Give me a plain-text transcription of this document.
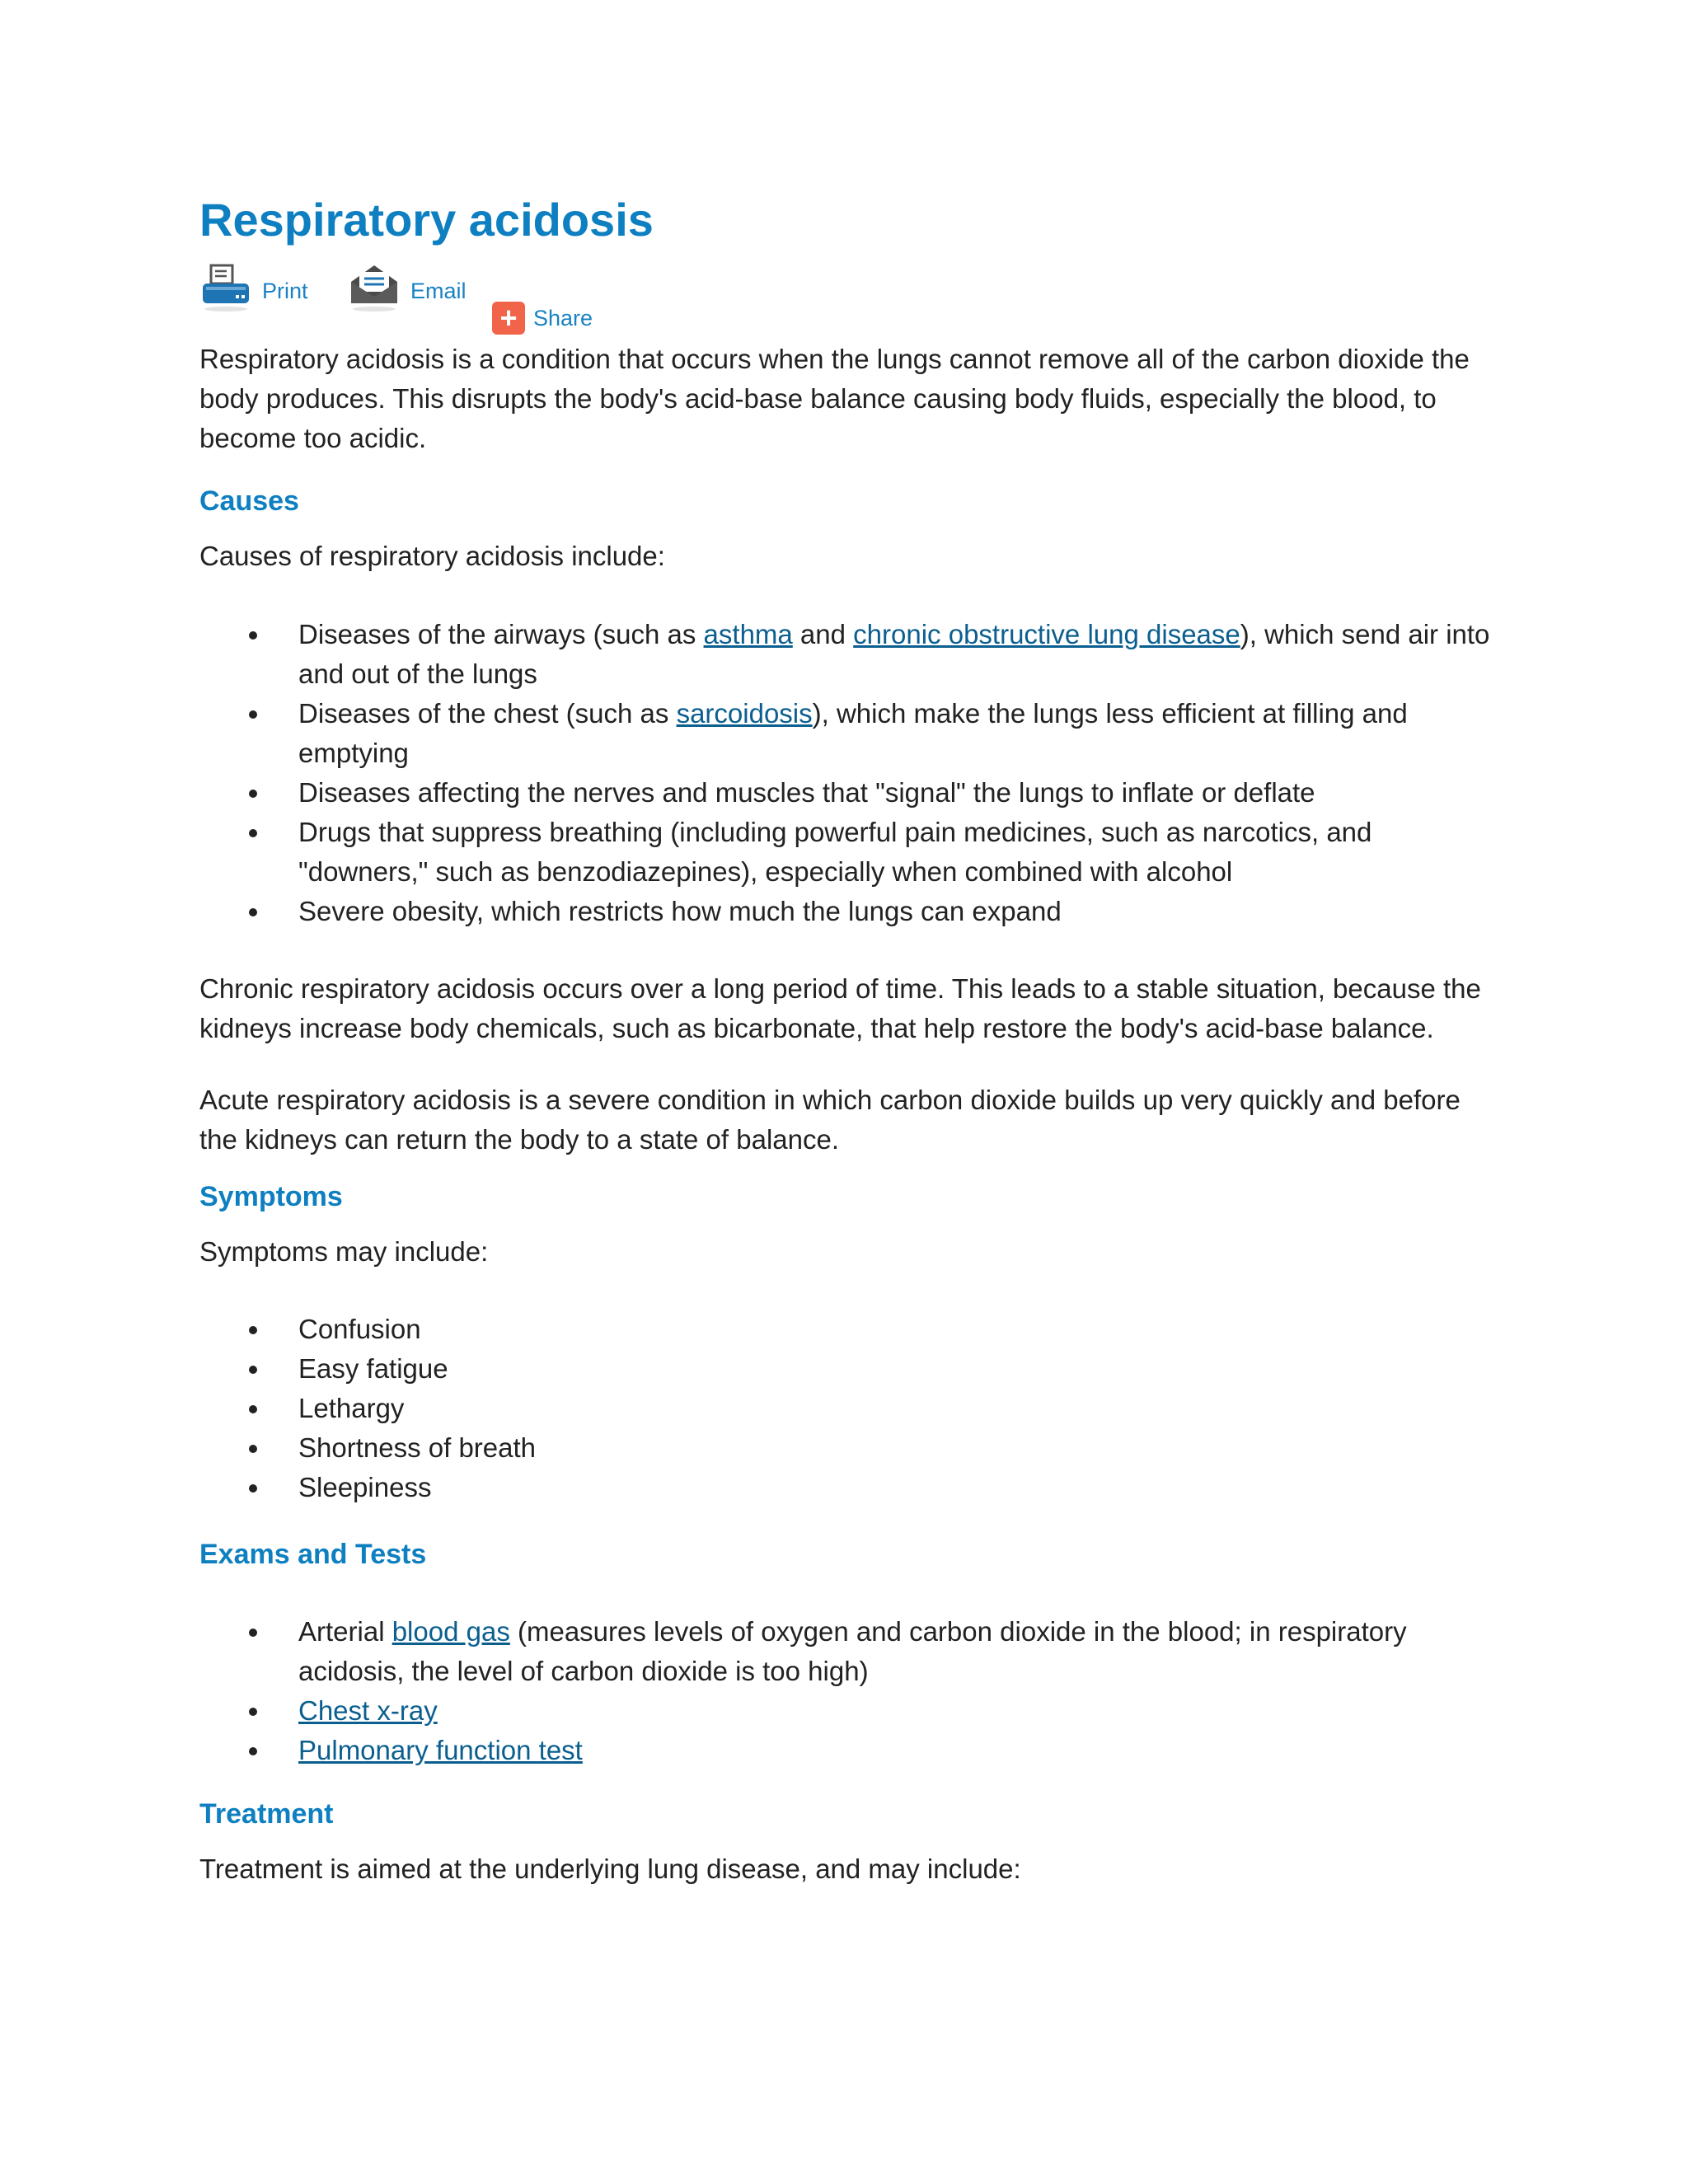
Respiratory acidosis
Print	Email
+ Share

Respiratory acidosis is a condition that occurs when the lungs cannot remove all of the carbon dioxide the body produces. This disrupts the body's acid-base balance causing body fluids, especially the blood, to become too acidic.

Causes

Causes of respiratory acidosis include:

Diseases of the airways (such as asthma and chronic obstructive lung disease), which send air into and out of the lungs
Diseases of the chest (such as sarcoidosis), which make the lungs less efficient at filling and emptying
Diseases affecting the nerves and muscles that "signal" the lungs to inflate or deflate
Drugs that suppress breathing (including powerful pain medicines, such as narcotics, and "downers," such as benzodiazepines), especially when combined with alcohol
Severe obesity, which restricts how much the lungs can expand

Chronic respiratory acidosis occurs over a long period of time. This leads to a stable situation, because the kidneys increase body chemicals, such as bicarbonate, that help restore the body's acid-base balance.

Acute respiratory acidosis is a severe condition in which carbon dioxide builds up very quickly and before the kidneys can return the body to a state of balance.

Symptoms

Symptoms may include:

Confusion
Easy fatigue
Lethargy
Shortness of breath
Sleepiness
Exams and Tests
Arterial blood gas (measures levels of oxygen and carbon dioxide in the blood; in respiratory acidosis, the level of carbon dioxide is too high)
Chest x-ray
Pulmonary function test
Treatment

Treatment is aimed at the underlying lung disease, and may include:
